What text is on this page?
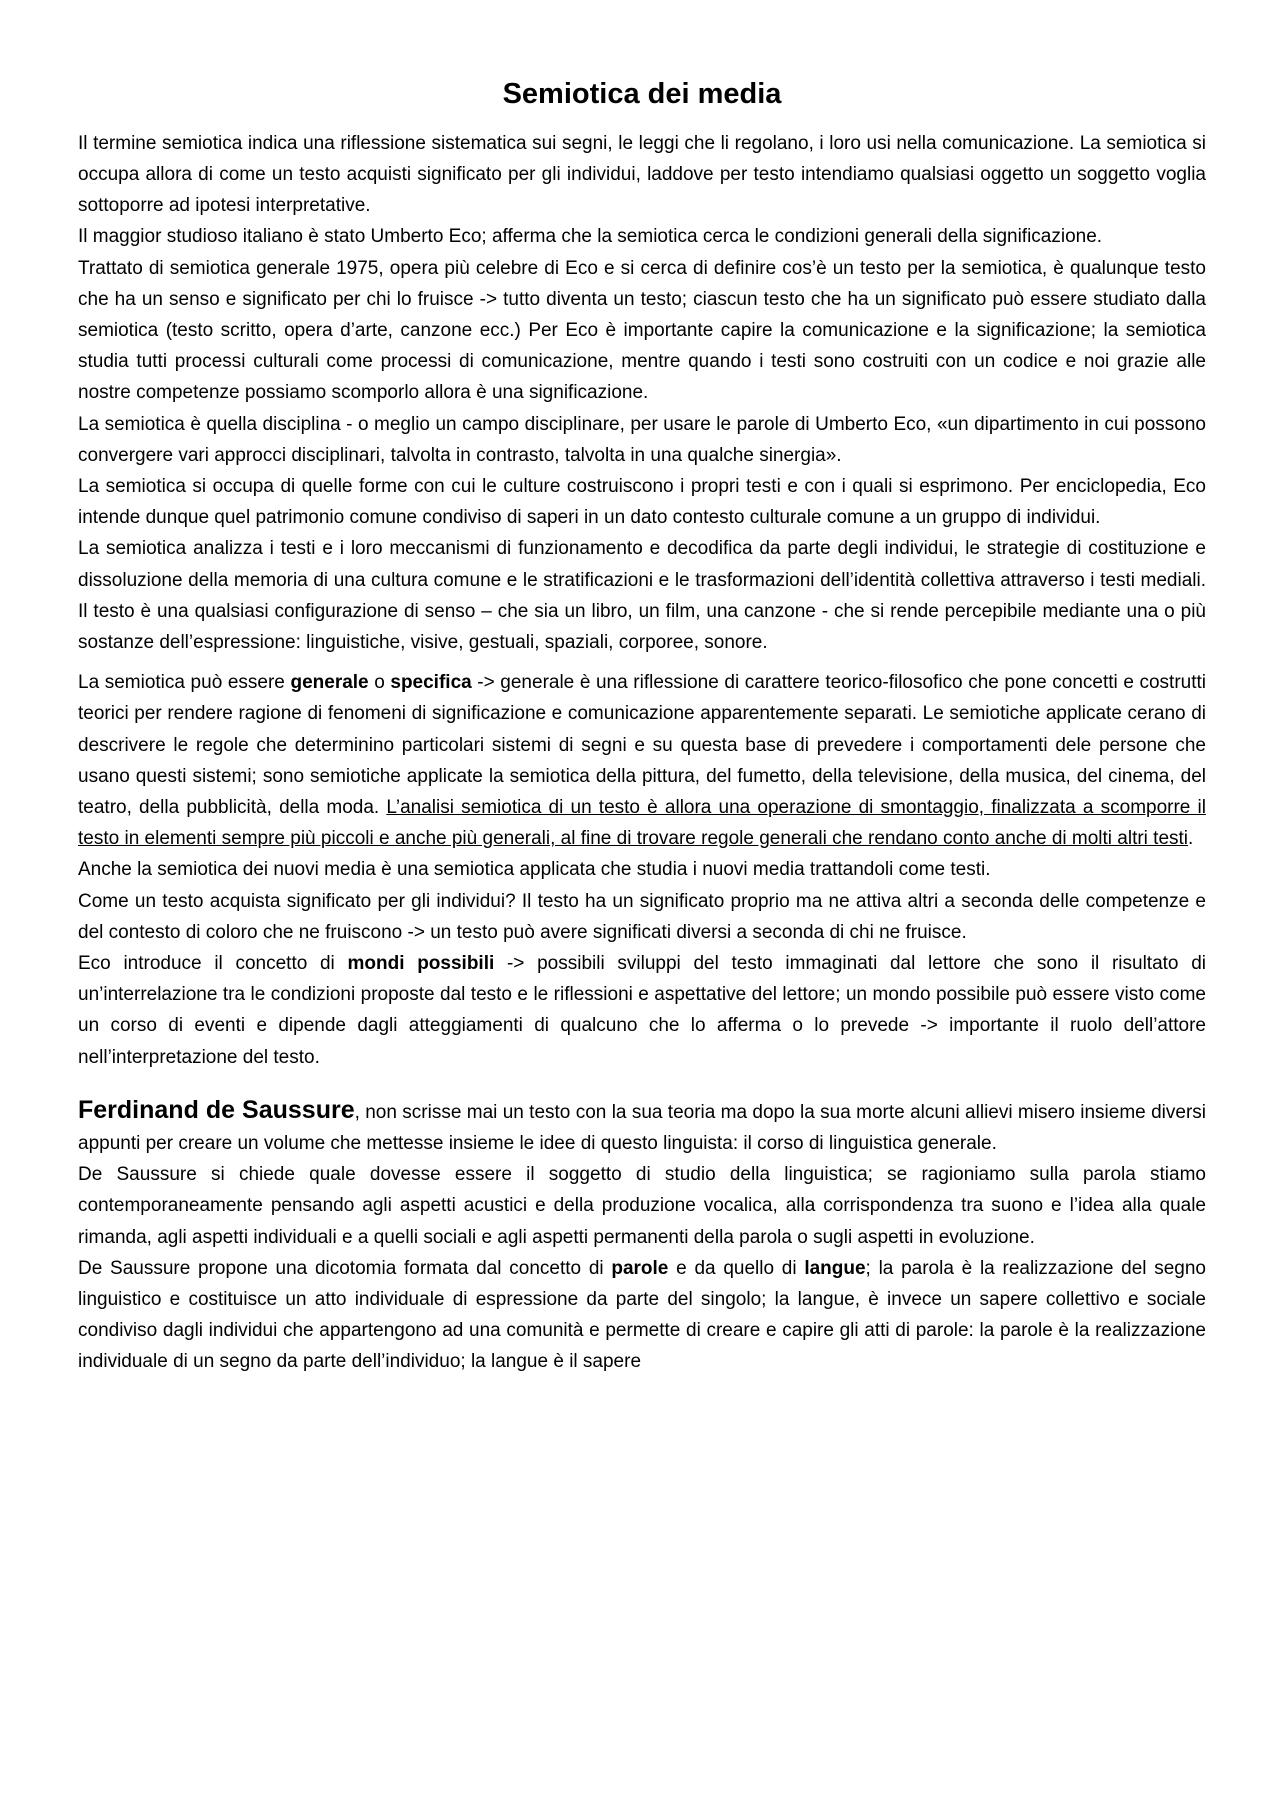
Semiotica dei media

Il termine semiotica indica una riflessione sistematica sui segni, le leggi che li regolano, i loro usi nella comunicazione. La semiotica si occupa allora di come un testo acquisti significato per gli individui, laddove per testo intendiamo qualsiasi oggetto un soggetto voglia sottoporre ad ipotesi interpretative.

Il maggior studioso italiano è stato Umberto Eco; afferma che la semiotica cerca le condizioni generali della significazione.

Trattato di semiotica generale 1975, opera più celebre di Eco e si cerca di definire cos’è un testo per la semiotica, è qualunque testo che ha un senso e significato per chi lo fruisce -> tutto diventa un testo; ciascun testo che ha un significato può essere studiato dalla semiotica (testo scritto, opera d’arte, canzone ecc.) Per Eco è importante capire la comunicazione e la significazione; la semiotica studia tutti processi culturali come processi di comunicazione, mentre quando i testi sono costruiti con un codice e noi grazie alle nostre competenze possiamo scomporlo allora è una significazione.

La semiotica è quella disciplina - o meglio un campo disciplinare, per usare le parole di Umberto Eco, «un dipartimento in cui possono convergere vari approcci disciplinari, talvolta in contrasto, talvolta in una qualche sinergia».

La semiotica si occupa di quelle forme con cui le culture costruiscono i propri testi e con i quali si esprimono. Per enciclopedia, Eco intende dunque quel patrimonio comune condiviso di saperi in un dato contesto culturale comune a un gruppo di individui.

La semiotica analizza i testi e i loro meccanismi di funzionamento e decodifica da parte degli individui, le strategie di costituzione e dissoluzione della memoria di una cultura comune e le stratificazioni e le trasformazioni dell’identità collettiva attraverso i testi mediali. Il testo è una qualsiasi configurazione di senso – che sia un libro, un film, una canzone - che si rende percepibile mediante una o più sostanze dell’espressione: linguistiche, visive, gestuali, spaziali, corporee, sonore.

La semiotica può essere generale o specifica -> generale è una riflessione di carattere teorico-filosofico che pone concetti e costrutti teorici per rendere ragione di fenomeni di significazione e comunicazione apparentemente separati. Le semiotiche applicate cerano di descrivere le regole che determinino particolari sistemi di segni e su questa base di prevedere i comportamenti dele persone che usano questi sistemi; sono semiotiche applicate la semiotica della pittura, del fumetto, della televisione, della musica, del cinema, del teatro, della pubblicità, della moda. L’analisi semiotica di un testo è allora una operazione di smontaggio, finalizzata a scomporre il testo in elementi sempre più piccoli e anche più generali, al fine di trovare regole generali che rendano conto anche di molti altri testi.

Anche la semiotica dei nuovi media è una semiotica applicata che studia i nuovi media trattandoli come testi.

Come un testo acquista significato per gli individui? Il testo ha un significato proprio ma ne attiva altri a seconda delle competenze e del contesto di coloro che ne fruiscono -> un testo può avere significati diversi a seconda di chi ne fruisce.

Eco introduce il concetto di mondi possibili -> possibili sviluppi del testo immaginati dal lettore che sono il risultato di un’interrelazione tra le condizioni proposte dal testo e le riflessioni e aspettative del lettore; un mondo possibile può essere visto come un corso di eventi e dipende dagli atteggiamenti di qualcuno che lo afferma o lo prevede -> importante il ruolo dell’attore nell’interpretazione del testo.

Ferdinand de Saussure, non scrisse mai un testo con la sua teoria ma dopo la sua morte alcuni allievi misero insieme diversi appunti per creare un volume che mettesse insieme le idee di questo linguista: il corso di linguistica generale.

De Saussure si chiede quale dovesse essere il soggetto di studio della linguistica; se ragioniamo sulla parola stiamo contemporaneamente pensando agli aspetti acustici e della produzione vocalica, alla corrispondenza tra suono e l’idea alla quale rimanda, agli aspetti individuali e a quelli sociali e agli aspetti permanenti della parola o sugli aspetti in evoluzione.

De Saussure propone una dicotomia formata dal concetto di parole e da quello di langue; la parola è la realizzazione del segno linguistico e costituisce un atto individuale di espressione da parte del singolo; la langue, è invece un sapere collettivo e sociale condiviso dagli individui che appartengono ad una comunità e permette di creare e capire gli atti di parole: la parole è la realizzazione individuale di un segno da parte dell’individuo; la langue è il sapere
